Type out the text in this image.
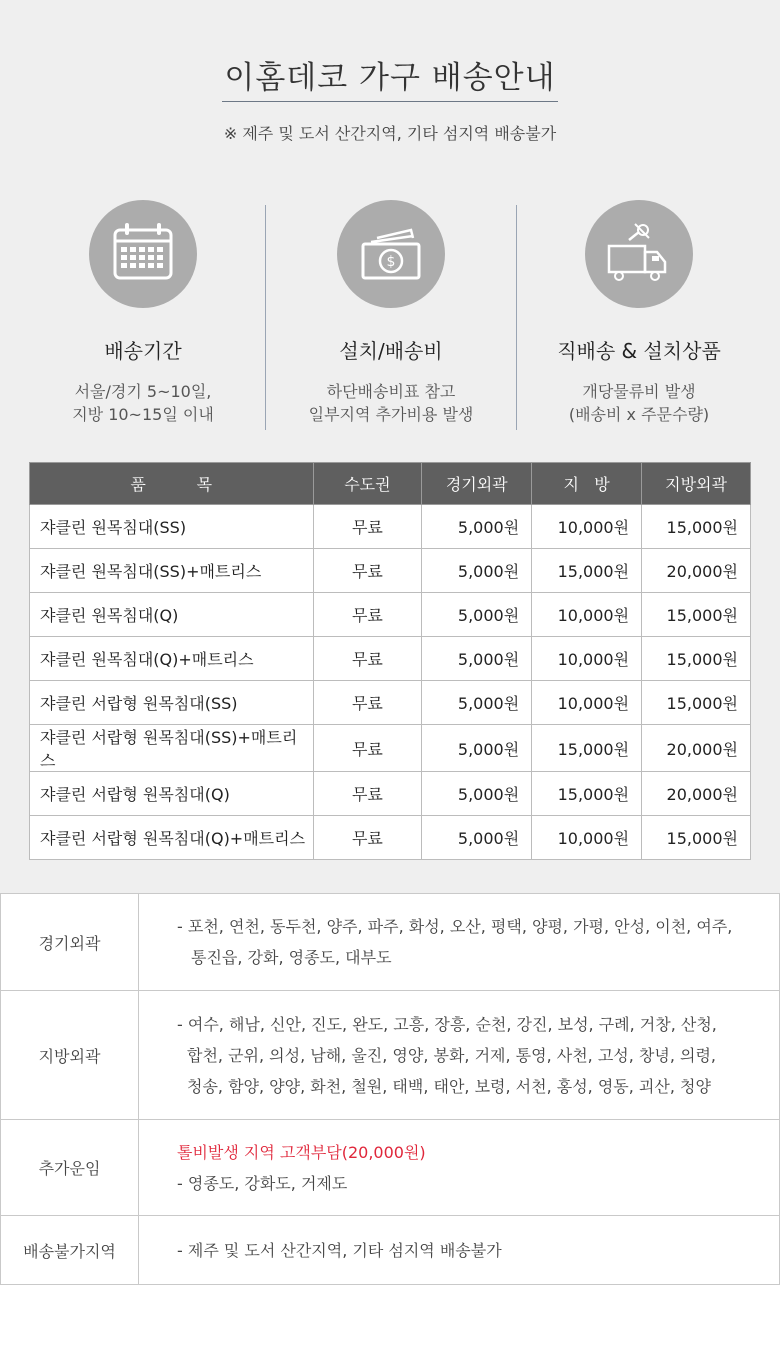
이홈데코 가구 배송안내
※ 제주 및 도서 산간지역, 기타 섬지역 배송불가
배송기간
서울/경기 5~10일,
지방 10~15일 이내
$
설치/배송비
하단배송비표 참고
일부지역 추가비용 발생
직배송 & 설치상품
개당물류비 발생
(배송비 x 주문수량)
품          목	수도권	경기외곽	지   방	지방외곽
쟈클린 원목침대(SS)	무료	5,000원	10,000원	15,000원
쟈클린 원목침대(SS)+매트리스	무료	5,000원	15,000원	20,000원
쟈클린 원목침대(Q)	무료	5,000원	10,000원	15,000원
쟈클린 원목침대(Q)+매트리스	무료	5,000원	10,000원	15,000원
쟈클린 서랍형 원목침대(SS)	무료	5,000원	10,000원	15,000원
쟈클린 서랍형 원목침대(SS)+매트리스	무료	5,000원	15,000원	20,000원
쟈클린 서랍형 원목침대(Q)	무료	5,000원	15,000원	20,000원
쟈클린 서랍형 원목침대(Q)+매트리스	무료	5,000원	10,000원	15,000원
경기외곽	- 포천, 연천, 동두천, 양주, 파주, 화성, 오산, 평택, 양평, 가평, 안성, 이천, 여주,
통진읍, 강화, 영종도, 대부도

지방외곽	- 여수, 해남, 신안, 진도, 완도, 고흥, 장흥, 순천, 강진, 보성, 구례, 거창, 산청,
합천, 군위, 의성, 남해, 울진, 영양, 봉화, 거제, 통영, 사천, 고성, 창녕, 의령,
청송, 함양, 양양, 화천, 철원, 태백, 태안, 보령, 서천, 홍성, 영동, 괴산, 청양

추가운임	톨비발생 지역 고객부담(20,000원)
- 영종도, 강화도, 거제도

배송불가지역	- 제주 및 도서 산간지역, 기타 섬지역 배송불가
